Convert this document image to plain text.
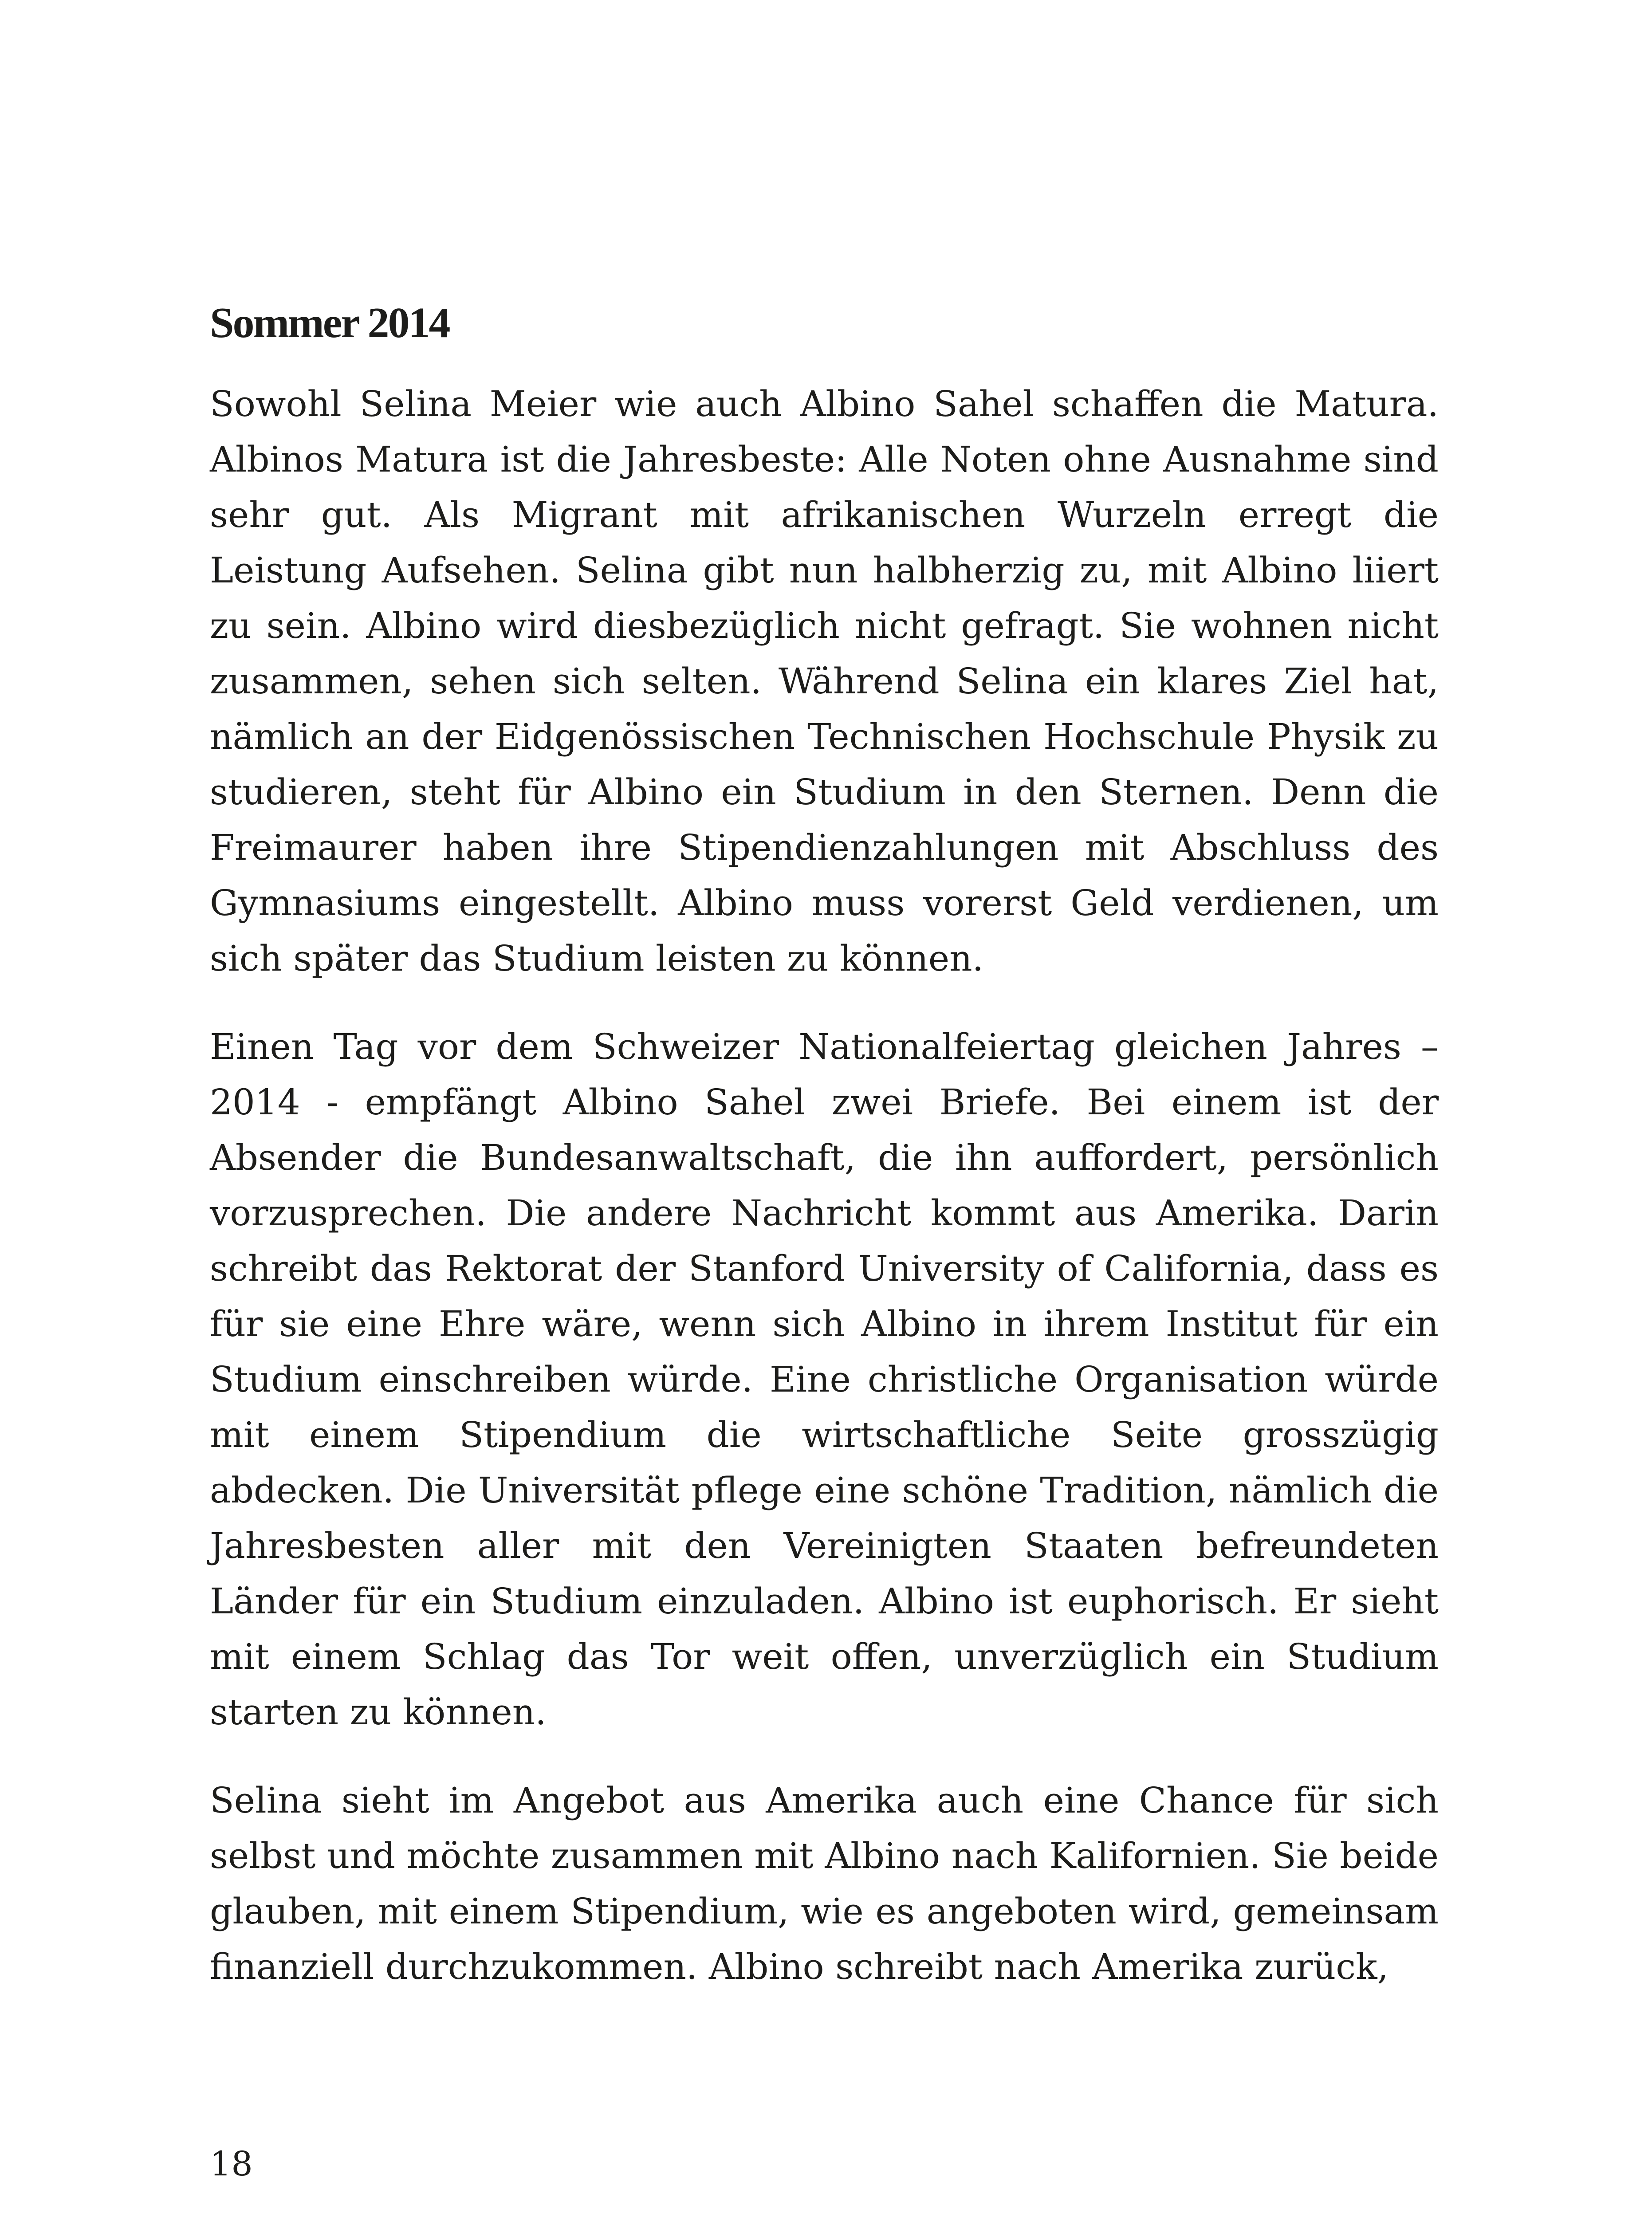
Sommer 2014

Sowohl Selina Meier wie auch Albino Sahel schaffen die Matura. Albinos Matura ist die Jahresbeste: Alle Noten ohne Ausnahme sind sehr gut. Als Migrant mit afrikanischen Wurzeln erregt die Leistung Aufsehen. Selina gibt nun halbherzig zu, mit Albino liiert zu sein. Albino wird diesbezüglich nicht gefragt. Sie wohnen nicht zusammen, sehen sich selten. Während Selina ein klares Ziel hat, nämlich an der Eidgenössischen Technischen Hochschule Physik zu studieren, steht für Albino ein Studium in den Sternen. Denn die Freimaurer haben ihre Stipendienzahlungen mit Abschluss des Gymnasiums eingestellt. Albino muss vorerst Geld verdienen, um sich später das Studium leisten zu können.

Einen Tag vor dem Schweizer Nationalfeiertag gleichen Jahres – 2014 - empfängt Albino Sahel zwei Briefe. Bei einem ist der Absender die Bundesanwaltschaft, die ihn auffordert, persönlich vorzusprechen. Die andere Nachricht kommt aus Amerika. Darin schreibt das Rektorat der Stanford University of California, dass es für sie eine Ehre wäre, wenn sich Albino in ihrem Institut für ein Studium einschreiben würde. Eine christliche Organisation würde mit einem Stipendium die wirtschaftliche Seite grosszügig abdecken. Die Universität pflege eine schöne Tradition, nämlich die Jahresbesten aller mit den Vereinigten Staaten befreundeten Länder für ein Studium einzuladen. Albino ist euphorisch. Er sieht mit einem Schlag das Tor weit offen, unverzüglich ein Studium starten zu können.

Selina sieht im Angebot aus Amerika auch eine Chance für sich selbst und möchte zusammen mit Albino nach Kalifornien. Sie beide glauben, mit einem Stipendium, wie es angeboten wird, gemeinsam finanziell durchzukommen. Albino schreibt nach Amerika zurück,

18
